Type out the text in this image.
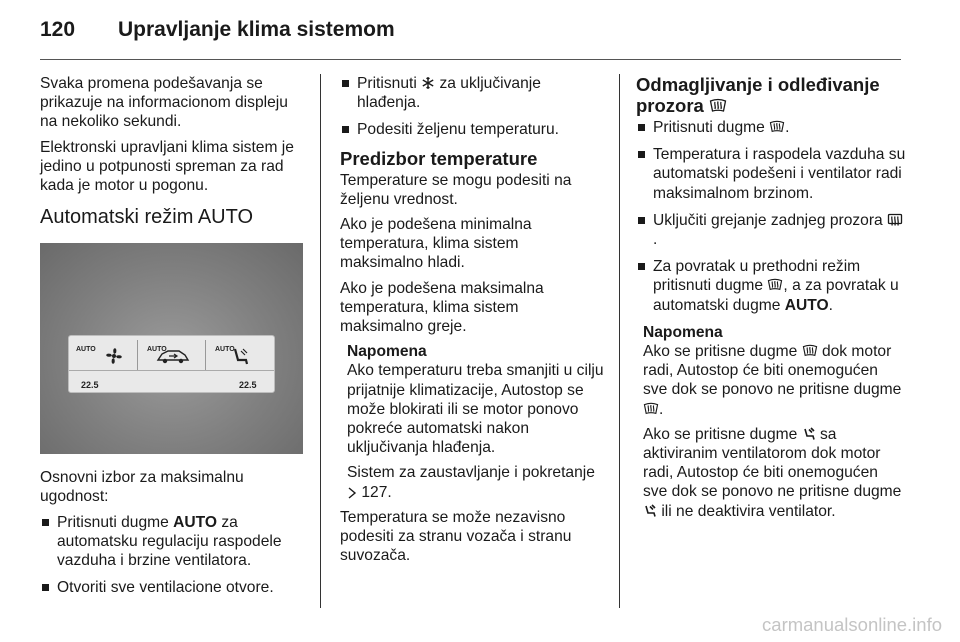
120	Upravljanje klima sistemom

Svaka promena podešavanja se prikazuje na informacionom displeju na nekoliko sekundi.

Elektronski upravljani klima sistem je jedino u potpunosti spreman za rad kada je motor u pogonu.

Automatski režim AUTO
AUTO	AUTO	AUTO
22.5	22.5

Osnovni izbor za maksimalnu ugodnost:

Pritisnuti dugme AUTO za automatsku regulaciju raspodele vazduha i brzine ventilatora.
Otvoriti sve ventilacione otvore.
Pritisnuti  za uključivanje hlađenja.
Podesiti željenu temperaturu.
Predizbor temperature

Temperature se mogu podesiti na željenu vrednost.

Ako je podešena minimalna temperatura, klima sistem maksimalno hladi.

Ako je podešena maksimalna temperatura, klima sistem maksimalno greje.

Napomena

Ako temperaturu treba smanjiti u cilju prijatnije klimatizacije, Autostop se može blokirati ili se motor ponovo pokreće automatski nakon uključivanja hlađenja.

Sistem za zaustavljanje i pokretanje
127.

Temperatura se može nezavisno podesiti za stranu vozača i stranu suvozača.

Odmagljivanje i odleđivanje prozora
Pritisnuti dugme .
Temperatura i raspodela vazduha su automatski podešeni i ventilator radi maksimalnom brzinom.
Uključiti grejanje zadnjeg prozora .
Za povratak u prethodni režim pritisnuti dugme , a za povratak u automatski dugme AUTO.
Napomena

Ako se pritisne dugme  dok motor radi, Autostop će biti onemogućen sve dok se ponovo ne pritisne dugme .

Ako se pritisne dugme  sa aktiviranim ventilatorom dok motor radi, Autostop će biti onemogućen sve dok se ponovo ne pritisne dugme  ili ne deaktivira ventilator.

carmanualsonline.info
